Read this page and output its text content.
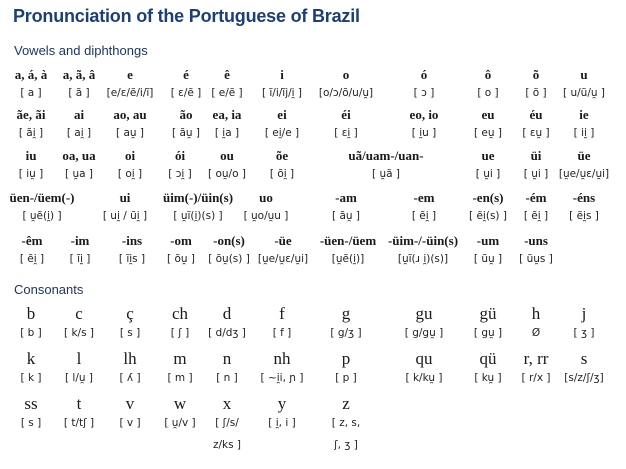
Pronunciation of the Portuguese of Brazil
Vowels and diphthongs
Consonants
a, á, à
[ a ]
a, ã, â
[ ã ]
e
[e/ɛ/ẽ/i/ĩ]
é
[ ɛ/ẽ ]
ê
[ e/ẽ ]
i
[ ĩ/i/ĩj/i̯ ]
o
[o/ɔ/õ/u/u̯]
ó
[ ɔ ]
ô
[ o ]
õ
[ õ ]
u
[ u/ũ/u̯ ]
ãe, ãi
[ ãi̯ ]
ai
[ ai̯ ]
ao, au
[ au̯ ]
ão
[ ãu̯ ]
ea, ia
[ i̯a ]
ei
[ ei̯/e ]
éi
[ ɛi̯ ]
eo, io
[ i̯u ]
eu
[ eu̯ ]
éu
[ ɛu̯ ]
ie
[ ii̯ ]
iu
[ iu̯ ]
oa, ua
[ u̯a ]
oi
[ oi̯ ]
ói
[ ɔi̯ ]
ou
[ ou̯/o ]
õe
[ õi̯ ]
uã/uam-/uan-
[ u̯ã ]
ue
[ u̯i ]
üi
[ u̯i ]
üe
[u̯e/u̯ɛ/u̯i]
üen-/üem(-)
[ u̯ẽ(i̯) ]
ui
[ ui̯ / ũi̯ ]
üim(-)/üin(s)
[ u̯ĩ(i̯)(s) ]
uo
[ u̯o/u̯u ]
-am
[ ãu̯ ]
-em
[ ẽi̯ ]
-en(s)
[ ẽi̯(s) ]
-ém
[ ẽi̯ ]
-éns
[ ẽi̯s ]
-êm
[ ẽi̯ ]
-im
[ ĩi̯ ]
-ins
[ ĩi̯s ]
-om
[ õu̯ ]
-on(s)
[ õu̯(s) ]
-üe
[u̯e/u̯ɛ/u̯i]
-üen-/üem
[u̯ẽ(i̯)]
-üim-/-üin(s)
[u̯ĩ(ɹ i̯)(s)]
-um
[ ũu̯ ]
-uns
[ ũu̯s ]
b
[ b ]
c
[ k/s ]
ç
[ s ]
ch
[ ʃ ]
d
[ d/dʒ ]
f
[ f ]
g
[ g/ʒ ]
gu
[ g/gu̯ ]
gü
[ gu̯ ]
h
Ø
j
[ ʒ ]
k
[ k ]
l
[ l/u̯ ]
lh
[ ʎ ]
m
[ m ]
n
[ n ]
nh
[ ~i̯i, ɲ ]
p
[ p ]
qu
[ k/ku̯ ]
qü
[ ku̯ ]
r, rr
[ r/x ]
s
[s/z/ʃ/ʒ]
ss
[ s ]
t
[ t/tʃ ]
v
[ v ]
w
[ u̯/v ]
x
[ ʃ/s/
z/ks ]
y
[ i̯, i ]
z
[ z, s,
ʃ, ʒ ]
